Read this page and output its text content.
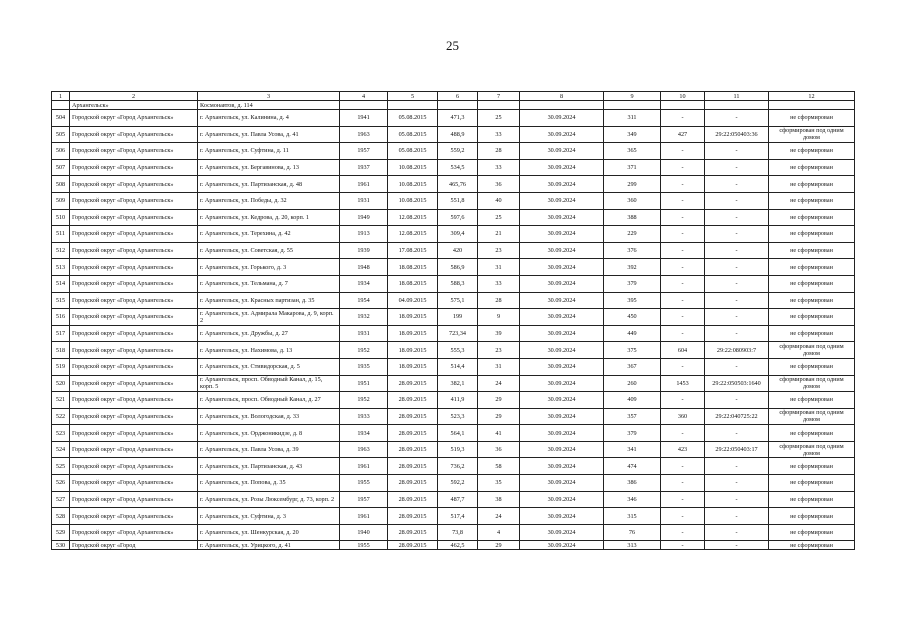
25
1	2	3	4	5	6	7	8	9	10	11	12
	Архангельск»	Космонавтов, д. 114									
504	Городской округ «Город Архангельск»	г. Архангельск, ул. Калинина, д. 4	1941	05.08.2015	471,3	25	30.09.2024	311	-	-	не сформирован
505	Городской округ «Город Архангельск»	г. Архангельск, ул. Павла Усова, д. 41	1963	05.08.2015	488,9	33	30.09.2024	349	427	29:22:050403:36	сформирован под одним домом
506	Городской округ «Город Архангельск»	г. Архангельск, ул. Суфтина, д. 11	1957	05.08.2015	559,2	28	30.09.2024	365	-	-	не сформирован
507	Городской округ «Город Архангельск»	г. Архангельск, ул. Бергавинова, д. 13	1937	10.08.2015	534,5	33	30.09.2024	371	-	-	не сформирован
508	Городской округ «Город Архангельск»	г. Архангельск, ул. Партизанская, д. 48	1961	10.08.2015	465,76	36	30.09.2024	299	-	-	не сформирован
509	Городской округ «Город Архангельск»	г. Архангельск, ул. Победы, д. 32	1931	10.08.2015	551,8	40	30.09.2024	360	-	-	не сформирован
510	Городской округ «Город Архангельск»	г. Архангельск, ул. Кедрова, д. 20, корп. 1	1949	12.08.2015	597,6	25	30.09.2024	388	-	-	не сформирован
511	Городской округ «Город Архангельск»	г. Архангельск, ул. Терехина, д. 42	1913	12.08.2015	309,4	21	30.09.2024	229	-	-	не сформирован
512	Городской округ «Город Архангельск»	г. Архангельск, ул. Советская, д. 55	1939	17.08.2015	420	23	30.09.2024	376	-	-	не сформирован
513	Городской округ «Город Архангельск»	г. Архангельск, ул. Горького, д. 3	1948	18.08.2015	586,9	31	30.09.2024	392	-	-	не сформирован
514	Городской округ «Город Архангельск»	г. Архангельск, ул. Тельмана, д. 7	1934	18.08.2015	588,3	33	30.09.2024	379	-	-	не сформирован
515	Городской округ «Город Архангельск»	г. Архангельск, ул. Красных партизан, д. 35	1954	04.09.2015	575,1	28	30.09.2024	395	-	-	не сформирован
516	Городской округ «Город Архангельск»	г. Архангельск, ул. Адмирала Макарова, д. 9, корп. 2	1932	18.09.2015	199	9	30.09.2024	450	-	-	не сформирован
517	Городской округ «Город Архангельск»	г. Архангельск, ул. Дружбы, д. 27	1931	18.09.2015	723,34	39	30.09.2024	449	-	-	не сформирован
518	Городской округ «Город Архангельск»	г. Архангельск, ул. Нахимова, д. 13	1952	18.09.2015	555,3	23	30.09.2024	375	604	29:22:080903:7	сформирован под одним домом
519	Городской округ «Город Архангельск»	г. Архангельск, ул. Стивидорская, д. 5	1935	18.09.2015	514,4	31	30.09.2024	367	-	-	не сформирован
520	Городской округ «Город Архангельск»	г. Архангельск, просп. Обводный Канал, д. 15, корп. 5	1951	28.09.2015	382,1	24	30.09.2024	260	1453	29:22:050503:1640	сформирован под одним домом
521	Городской округ «Город Архангельск»	г. Архангельск, просп. Обводный Канал, д. 27	1952	28.09.2015	411,9	29	30.09.2024	409	-	-	не сформирован
522	Городской округ «Город Архангельск»	г. Архангельск, ул. Вологодская, д. 33	1933	28.09.2015	523,3	29	30.09.2024	357	360	29:22:040725:22	сформирован под одним домом
523	Городской округ «Город Архангельск»	г. Архангельск, ул. Орджоникидзе, д. 8	1934	28.09.2015	564,1	41	30.09.2024	379	-	-	не сформирован
524	Городской округ «Город Архангельск»	г. Архангельск, ул. Павла Усова, д. 39	1963	28.09.2015	519,3	36	30.09.2024	341	423	29:22:050403:17	сформирован под одним домом
525	Городской округ «Город Архангельск»	г. Архангельск, ул. Партизанская, д. 43	1961	28.09.2015	736,2	58	30.09.2024	474	-	-	не сформирован
526	Городской округ «Город Архангельск»	г. Архангельск, ул. Попова, д. 35	1955	28.09.2015	592,2	35	30.09.2024	386	-	-	не сформирован
527	Городской округ «Город Архангельск»	г. Архангельск, ул. Розы Люксембург, д. 73, корп. 2	1957	28.09.2015	487,7	38	30.09.2024	346	-	-	не сформирован
528	Городской округ «Город Архангельск»	г. Архангельск, ул. Суфтина, д. 3	1961	28.09.2015	517,4	24	30.09.2024	315	-	-	не сформирован
529	Городской округ «Город Архангельск»	г. Архангельск, ул. Шенкурская, д. 20	1940	28.09.2015	73,8	4	30.09.2024	76	-	-	не сформирован
530	Городской округ «Город	г. Архангельск, ул. Урицкого, д. 41	1955	28.09.2015	462,5	29	30.09.2024	313	-	-	не сформирован
